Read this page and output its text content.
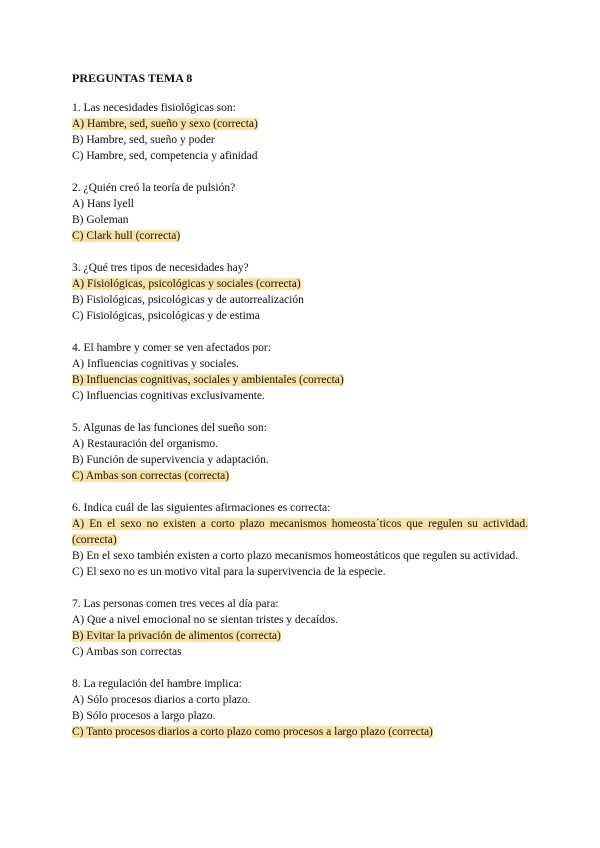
PREGUNTAS TEMA 8

1. Las necesidades fisiológicas son:

A) Hambre, sed, sueño y sexo (correcta)

B) Hambre, sed, sueño y poder

C) Hambre, sed, competencia y afinidad

2. ¿Quién creó la teoría de pulsión?

A) Hans lyell

B) Goleman

C) Clark hull (correcta)

3. ¿Qué tres tipos de necesidades hay?

A) Fisiológicas, psicológicas y sociales (correcta)

B) Fisiológicas, psicológicas y de autorrealización

C) Fisiológicas, psicológicas y de estima

4. El hambre y comer se ven afectados por:

A) Influencias cognitivas y sociales.

B) Influencias cognitivas, sociales y ambientales (correcta)

C) Influencias cognitivas exclusivamente.

5. Algunas de las funciones del sueño son:

A) Restauración del organismo.

B) Función de supervivencia y adaptación.

C) Ambas son correctas (correcta)

6. Indica cuál de las siguientes afirmaciones es correcta:

A) En el sexo no existen a corto plazo mecanismos homeosta´ticos que regulen su actividad. (correcta)

B) En el sexo también existen a corto plazo mecanismos homeostáticos que regulen su actividad.

C) El sexo no es un motivo vital para la supervivencia de la especie.

7. Las personas comen tres veces al día para:

A) Que a nivel emocional no se sientan tristes y decaídos.

B) Evitar la privación de alimentos (correcta)

C) Ambas son correctas

8. La regulación del hambre implica:

A) Sólo procesos diarios a corto plazo.

B) Sólo procesos a largo plazo.

C) Tanto procesos diarios a corto plazo como procesos a largo plazo (correcta)
